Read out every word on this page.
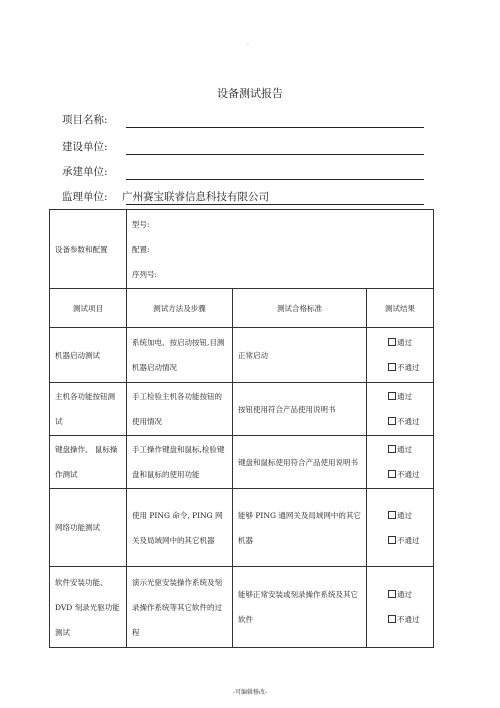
.
设备测试报告
项目名称:
建设单位:
承建单位:
监理单位: 广州赛宝联睿信息科技有限公司
设备参数和配置	型号:
配置:
序列号:		

测试项目	测试方法及步骤	测试合格标准	测试结果
机器启动测试	系统加电、按启动按钮,目测机器启动情况	正常启动	通过
不通过

主机各功能按钮测试	手工检验主机各功能按钮的使用情况	按钮使用符合产品使用说明书	通过
不通过

键盘操作、 鼠标操作测试	手工操作键盘和鼠标,检验键盘和鼠标的使用功能	键盘和鼠标使用符合产品使用说明书	通过
不通过

网络功能测试	使用 PING 命令, PING 网关及局域网中的其它机器	能够 PING 通网关及局域网中的其它机器	通过
不通过

软件安装功能、DVD 刻录光驱功能测试	演示光驱安装操作系统及刻录操作系统等其它软件的过程	能够正常安装或刻录操作系统及其它软件	通过
不通过
-可编辑修改-
